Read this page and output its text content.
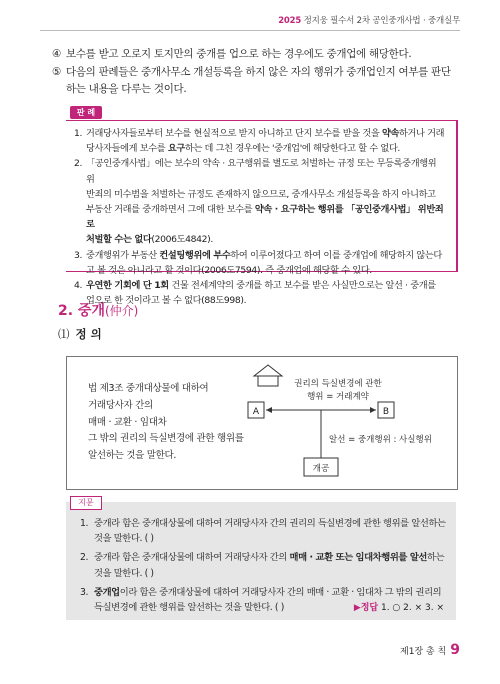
2025 정지웅 필수서 2차 공인중개사법 · 중개실무
④ 보수를 받고 오로지 토지만의 중개를 업으로 하는 경우에도 중개업에 해당한다.
⑤ 다음의 판례들은 중개사무소 개설등록을 하지 않은 자의 행위가 중개업인지 여부를 판단
하는 내용을 다루는 것이다.
판 례
1. 거래당사자들로부터 보수를 현실적으로 받지 아니하고 단지 보수를 받을 것을 약속하거나 거래
당사자들에게 보수를 요구하는 데 그친 경우에는 '중개업'에 해당한다고 할 수 없다.
2. 「공인중개사법」에는 보수의 약속 · 요구행위를 별도로 처벌하는 규정 또는 무등록중개행위 위
반죄의 미수범을 처벌하는 규정도 존재하지 않으므로, 중개사무소 개설등록을 하지 아니하고
부동산 거래를 중개하면서 그에 대한 보수를 약속 · 요구하는 행위를 「공인중개사법」 위반죄로
처벌할 수는 없다(2006도4842).
3. 중개행위가 부동산 컨설팅행위에 부수하여 이루어졌다고 하여 이를 중개업에 해당하지 않는다
고 볼 것은 아니라고 할 것이다(2006도7594). 즉 중개업에 해당할 수 있다.
4. 우연한 기회에 단 1회 건물 전세계약의 중개를 하고 보수를 받은 사실만으로는 알선 · 중개를
업으로 한 것이라고 볼 수 없다(88도998).
2. 중개(仲介)
⑴ 정 의
법 제3조 중개대상물에 대하여
거래당사자 간의
매매 · 교환 · 임대차
그 밖의 권리의 득실변경에 관한 행위를
알선하는 것을 말한다.
권리의 득실변경에 관한
행위 = 거래계약
A	B
알선 = 중개행위 : 사실행위
개공
지문
1. 중개라 함은 중개대상물에 대하여 거래당사자 간의 권리의 득실변경에 관한 행위를 알선하는
것을 말한다. ( )
2. 중개라 함은 중개대상물에 대하여 거래당사자 간의 매매 · 교환 또는 임대차행위를 알선하는
것을 말한다. ( )
3. 중개업이라 함은 중개대상물에 대하여 거래당사자 간의 매매 · 교환 · 임대차 그 밖의 권리의
득실변경에 관한 행위를 알선하는 것을 말한다. ( )	▶정답 1. ○ 2. × 3. ×
제1장 총 칙 9
